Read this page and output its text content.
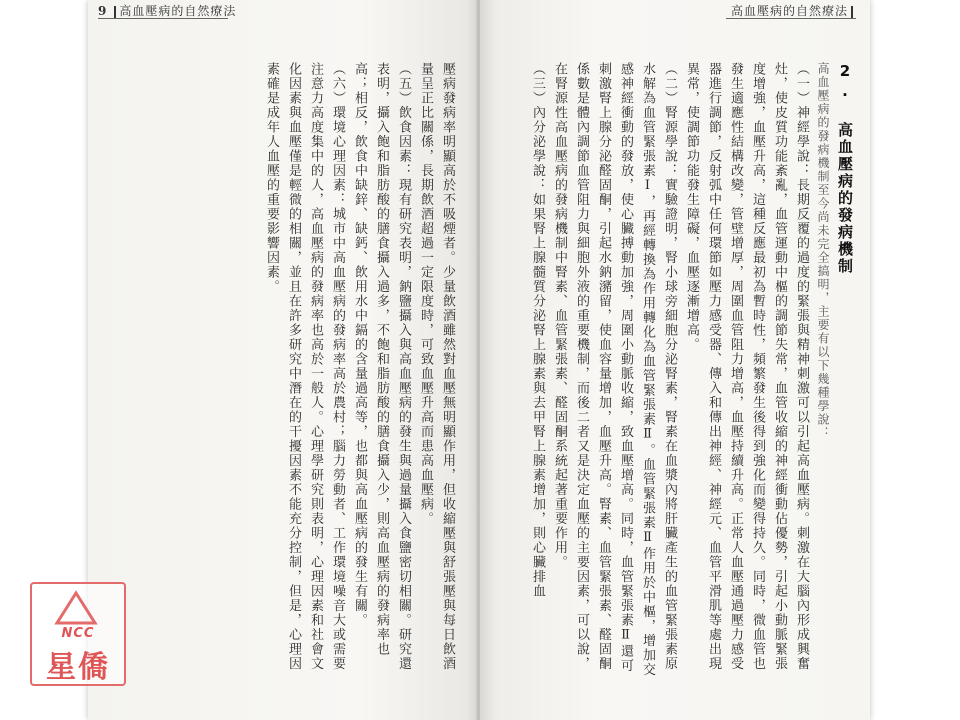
9 高血壓病的自然療法

壓病發病率明顯高於不吸煙者。少量飲酒雖然對血壓無明顯作用，但收縮壓與舒張壓與每日飲酒量呈正比關係，長期飲酒超過一定限度時，可致血壓升高而患高血壓病。

（五）飲食因素：現有研究表明，鈉鹽攝入與高血壓病的發生與過量攝入食鹽密切相關。研究還表明，攝入飽和脂肪酸的膳食攝入過多，不飽和脂肪酸的膳食攝入少，則高血壓病的發病率也高；相反，飲食中缺鋅、缺鈣、飲用水中鎘的含量過高等，也都與高血壓病的發生有關。

（六）環境心理因素：城市中高血壓病的發病率高於農村；腦力勞動者、工作環境噪音大或需要注意力高度集中的人，高血壓病的發病率也高於一般人。心理學研究則表明，心理因素和社會文化因素與血壓僅是輕微的相關，並且在許多研究中潛在的干擾因素不能充分控制，但是，心理因素確是成年人血壓的重要影響因素。

高血壓病的自然療法

2. 高血壓病的發病機制

高血壓病的發病機制至今尚未完全搞明，主要有以下幾種學說：

（一）神經學說：長期反覆的過度的緊張與精神刺激可以引起高血壓病。刺激在大腦內形成興奮灶，使皮質功能紊亂，血管運動中樞的調節失常，血管收縮的神經衝動佔優勢，引起小動脈緊張度增強，血壓升高，這種反應最初為暫時性，頻繁發生後得到強化而變得持久。同時，微血管也發生適應性結構改變，管壁增厚，周圍血管阻力增高，血壓持續升高。正常人血壓通過壓力感受器進行調節，反射弧中任何環節如壓力感受器、傳入和傳出神經、神經元、血管平滑肌等處出現異常，使調節功能發生障礙，血壓逐漸增高。

（二）腎源學說：實驗證明，腎小球旁細胞分泌腎素，腎素在血漿內將肝臟產生的血管緊張素原水解為血管緊張素Ⅰ，再經轉換為作用轉化為血管緊張素Ⅱ。血管緊張素Ⅱ作用於中樞，增加交感神經衝動的發放，使心臟搏動加強，周圍小動脈收縮，致血壓增高。同時，血管緊張素Ⅱ還可刺激腎上腺分泌醛固酮，引起水鈉瀦留，使血容量增加，血壓升高。腎素、血管緊張素、醛固酮係數是體內調節血管阻力與細胞外液的重要機制，而後二者又是決定血壓的主要因素，可以說，在腎源性高血壓病的發病機制中腎素、血管緊張素、醛固酮系統起著重要作用。

（三）內分泌學說：如果腎上腺髓質分泌腎上腺素與去甲腎上腺素增加，則心臟排血

NCC
星僑
